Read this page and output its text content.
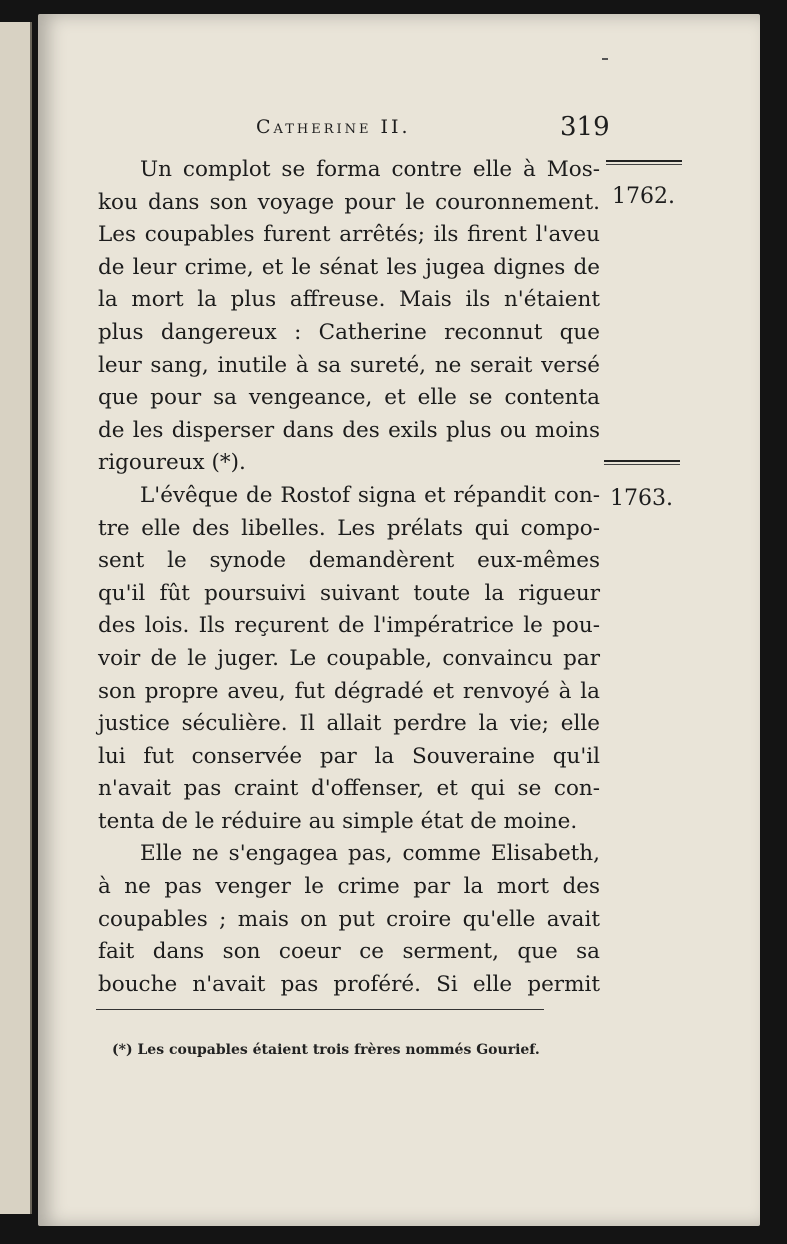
Catherine II.	319
1762.
1763.
Un complot se forma contre elle à Mos-
kou dans son voyage pour le couronnement.
Les coupables furent arrêtés; ils firent l'aveu
de leur crime, et le sénat les jugea dignes de
la mort la plus affreuse. Mais ils n'étaient
plus dangereux : Catherine reconnut que
leur sang, inutile à sa sureté, ne serait versé
que pour sa vengeance, et elle se contenta
de les disperser dans des exils plus ou moins
rigoureux (*).
L'évêque de Rostof signa et répandit con-
tre elle des libelles. Les prélats qui compo-
sent le synode demandèrent eux-mêmes
qu'il fût poursuivi suivant toute la rigueur
des lois. Ils reçurent de l'impératrice le pou-
voir de le juger. Le coupable, convaincu par
son propre aveu, fut dégradé et renvoyé à la
justice séculière. Il allait perdre la vie; elle
lui fut conservée par la Souveraine qu'il
n'avait pas craint d'offenser, et qui se con-
tenta de le réduire au simple état de moine.
Elle ne s'engagea pas, comme Elisabeth,
à ne pas venger le crime par la mort des
coupables ; mais on put croire qu'elle avait
fait dans son coeur ce serment, que sa
bouche n'avait pas proféré. Si elle permit
(*) Les coupables étaient trois frères nommés Gourief.
